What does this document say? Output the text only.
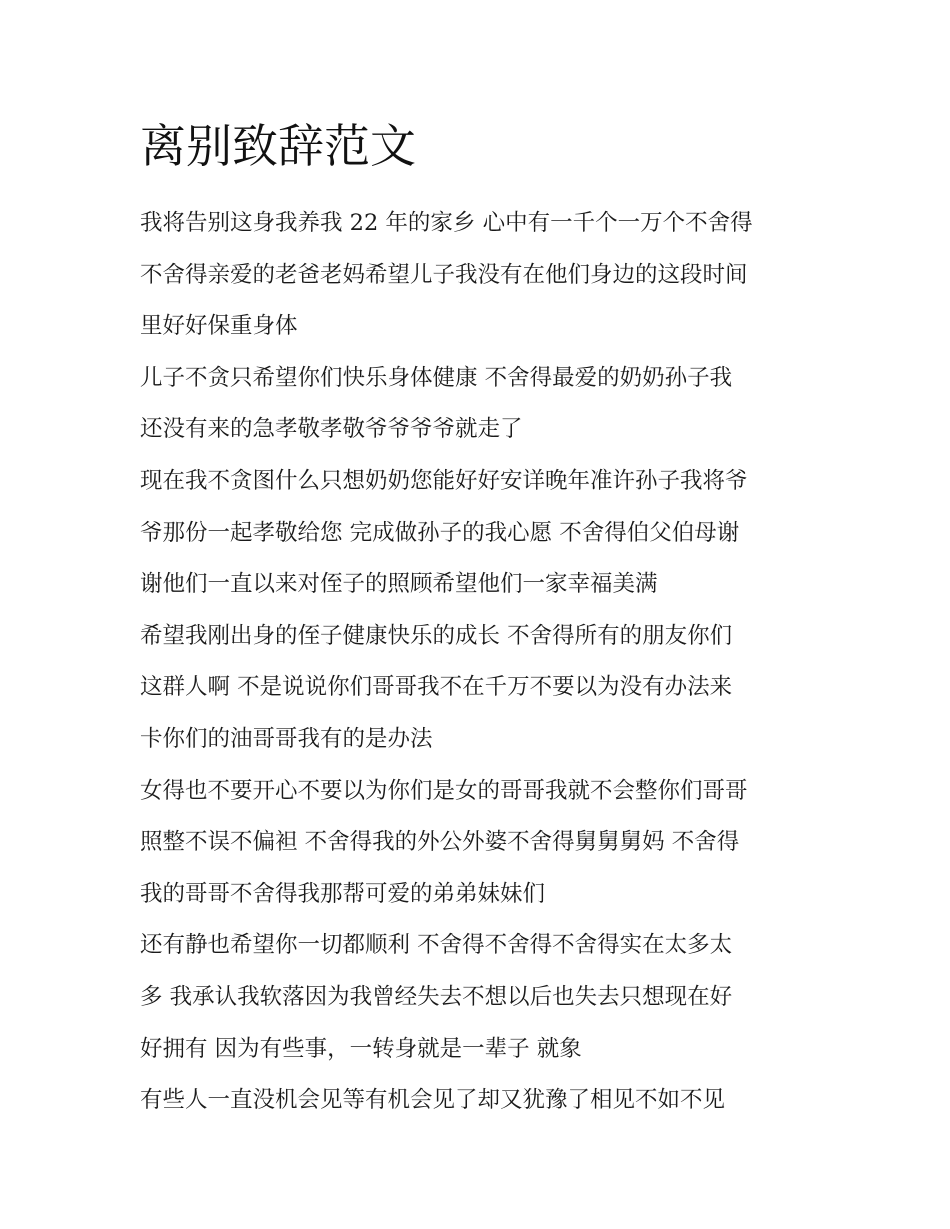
离别致辞范文
我将告别这身我养我 22 年的家乡 心中有一千个一万个不舍得
不舍得亲爱的老爸老妈希望儿子我没有在他们身边的这段时间
里好好保重身体
儿子不贪只希望你们快乐身体健康 不舍得最爱的奶奶孙子我
还没有来的急孝敬孝敬爷爷爷爷就走了
现在我不贪图什么只想奶奶您能好好安详晚年准许孙子我将爷
爷那份一起孝敬给您 完成做孙子的我心愿 不舍得伯父伯母谢
谢他们一直以来对侄子的照顾希望他们一家幸福美满
希望我刚出身的侄子健康快乐的成长 不舍得所有的朋友你们
这群人啊 不是说说你们哥哥我不在千万不要以为没有办法来
卡你们的油哥哥我有的是办法
女得也不要开心不要以为你们是女的哥哥我就不会整你们哥哥
照整不误不偏袒 不舍得我的外公外婆不舍得舅舅舅妈 不舍得
我的哥哥不舍得我那帮可爱的弟弟妹妹们
还有静也希望你一切都顺利 不舍得不舍得不舍得实在太多太
多 我承认我软落因为我曾经失去不想以后也失去只想现在好
好拥有 因为有些事，一转身就是一辈子 就象
有些人一直没机会见等有机会见了却又犹豫了相见不如不见
